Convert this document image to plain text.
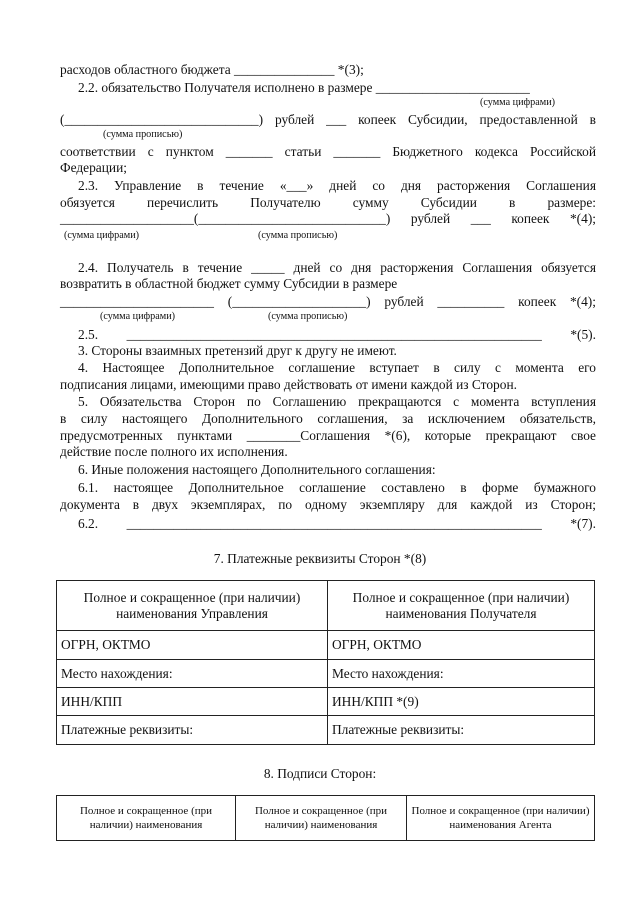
расходов областного бюджета _______________ *(3);
2.2. обязательство Получателя исполнено в размере _______________________
(сумма цифрами)
(_____________________________) рублей ___ копеек Субсидии, предоставленной в
(сумма прописью)
соответствии с пунктом _______ статьи _______ Бюджетного кодекса Российской
Федерации;
2.3. Управление в течение «___» дней со дня расторжения Соглашения
обязуется перечислить Получателю сумму Субсидии в размере:
____________________(____________________________) рублей ___ копеек *(4);
(сумма цифрами)	(сумма прописью)
2.4. Получатель в течение _____ дней со дня расторжения Соглашения обязуется
возвратить в областной бюджет сумму Субсидии в размере
_______________________ (____________________) рублей __________ копеек *(4);
(сумма цифрами)	(сумма прописью)
2.5. ______________________________________________________________ *(5).
3. Стороны взаимных претензий друг к другу не имеют.
4. Настоящее Дополнительное соглашение вступает в силу с момента его
подписания лицами, имеющими право действовать от имени каждой из Сторон.
5. Обязательства Сторон по Соглашению прекращаются с момента вступления
в силу настоящего Дополнительного соглашения, за исключением обязательств,
предусмотренных пунктами ________Соглашения *(6), которые прекращают свое
действие после полного их исполнения.
6. Иные положения настоящего Дополнительного соглашения:
6.1. настоящее Дополнительное соглашение составлено в форме бумажного
документа в двух экземплярах, по одному экземпляру для каждой из Сторон;
6.2. ______________________________________________________________ *(7).
7. Платежные реквизиты Сторон *(8)
Полное и сокращенное (при наличии) наименования Управления	Полное и сокращенное (при наличии) наименования Получателя
ОГРН, ОКТМО	ОГРН, ОКТМО
Место нахождения:	Место нахождения:
ИНН/КПП	ИНН/КПП *(9)
Платежные реквизиты:	Платежные реквизиты:
8. Подписи Сторон:
Полное и сокращенное (при наличии) наименования	Полное и сокращенное (при наличии) наименования	Полное и сокращенное (при наличии) наименования Агента
